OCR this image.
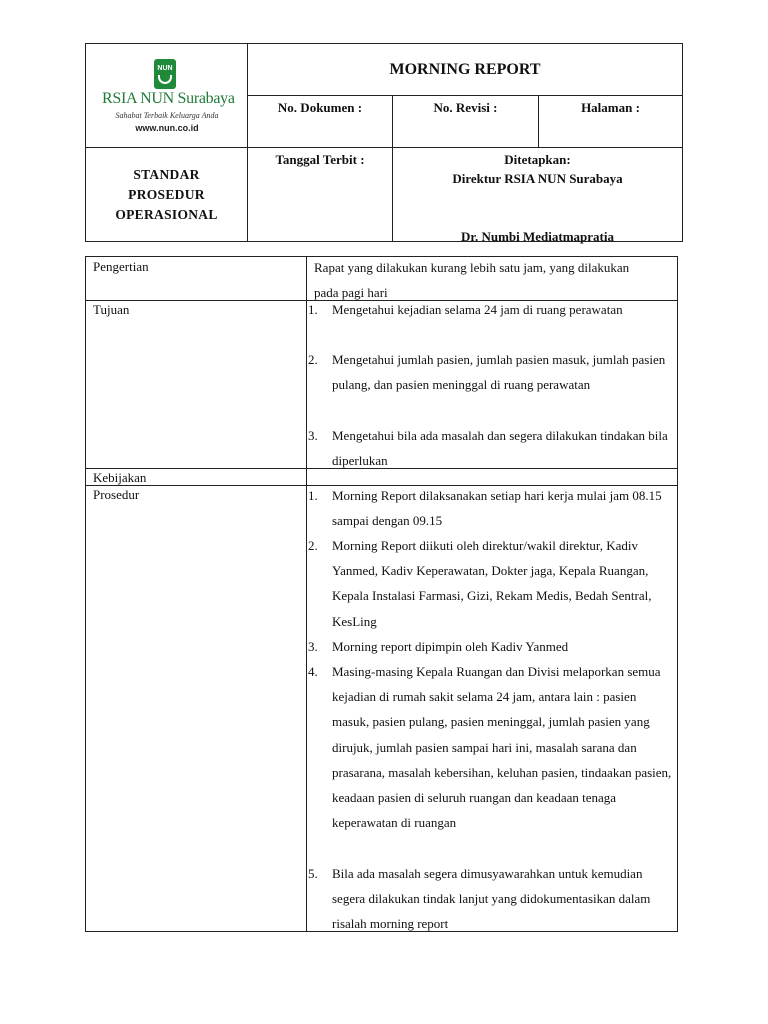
NUN
RSIA NUN Surabaya
Sahabat Terbaik Keluarga Anda
www.nun.co.id
MORNING REPORT
No. Dokumen :	No. Revisi :	Halaman :
STANDAR
PROSEDUR
OPERASIONAL
Tanggal Terbit :	Ditetapkan:
Direktur RSIA NUN Surabaya
Dr. Numbi Mediatmapratia
Pengertian	Rapat yang dilakukan kurang lebih satu jam, yang dilakukan pada pagi hari
Tujuan	1. Mengetahui kejadian selama 24 jam di ruang perawatan
2. Mengetahui jumlah pasien, jumlah pasien masuk, jumlah pasien pulang, dan pasien meninggal di ruang perawatan
3. Mengetahui bila ada masalah dan segera dilakukan tindakan bila diperlukan
Kebijakan
Prosedur	1. Morning Report dilaksanakan setiap hari kerja mulai jam 08.15 sampai dengan 09.15
2. Morning Report diikuti oleh direktur/wakil direktur, Kadiv Yanmed, Kadiv Keperawatan, Dokter jaga, Kepala Ruangan, Kepala Instalasi Farmasi, Gizi, Rekam Medis, Bedah Sentral, KesLing
3. Morning report dipimpin oleh Kadiv Yanmed
4. Masing-masing Kepala Ruangan dan Divisi melaporkan semua kejadian di rumah sakit selama 24 jam, antara lain : pasien masuk, pasien pulang, pasien meninggal, jumlah pasien yang dirujuk, jumlah pasien sampai hari ini, masalah sarana dan prasarana, masalah kebersihan, keluhan pasien, tindaakan pasien, keadaan pasien di seluruh ruangan dan keadaan tenaga keperawatan di ruangan
5. Bila ada masalah segera dimusyawarahkan untuk kemudian segera dilakukan tindak lanjut yang didokumentasikan dalam risalah morning report
